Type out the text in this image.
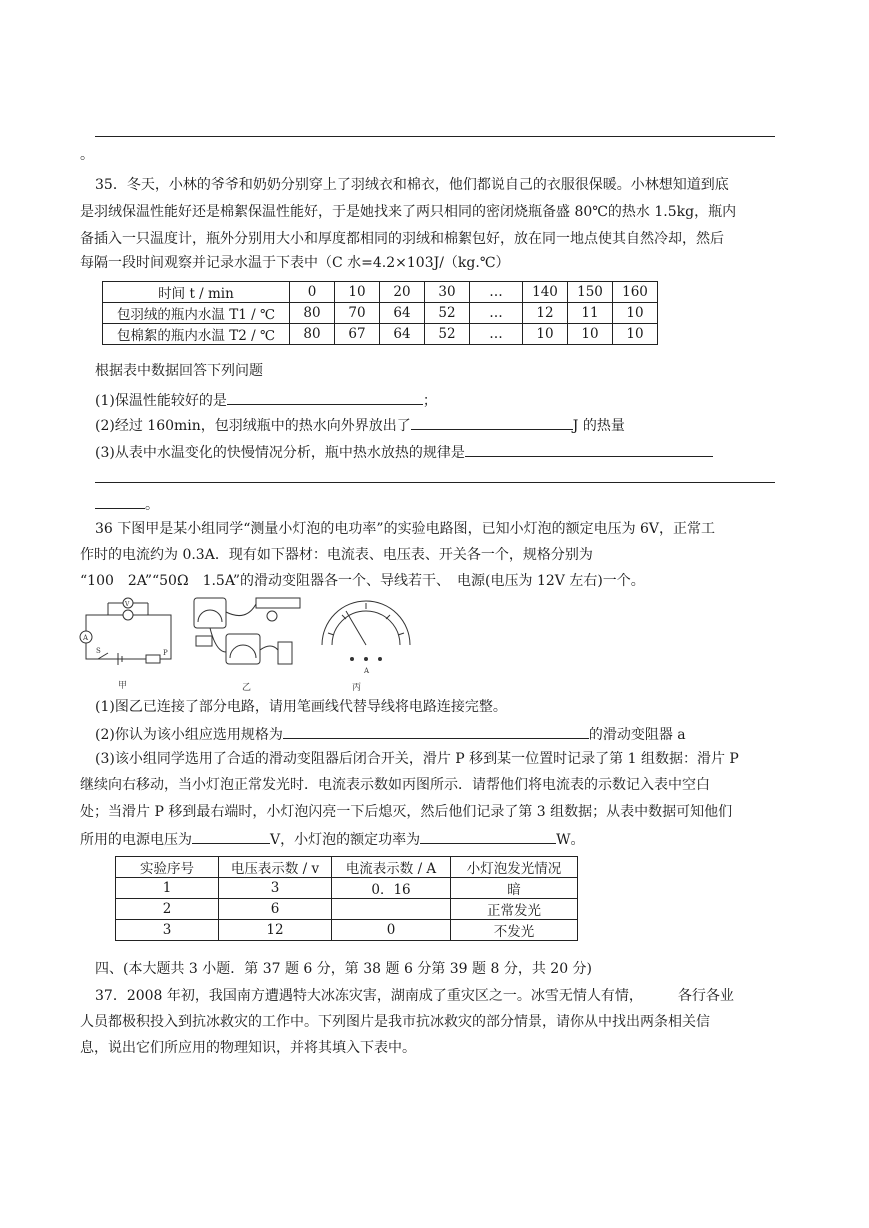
。
35．冬天，小林的爷爷和奶奶分别穿上了羽绒衣和棉衣，他们都说自己的衣服很保暖。小林想知道到底
是羽绒保温性能好还是棉絮保温性能好，于是她找来了两只相同的密闭烧瓶备盛 80℃的热水 1.5kg，瓶内
备插入一只温度计，瓶外分别用大小和厚度都相同的羽绒和棉絮包好，放在同一地点使其自然冷却，然后
每隔一段时间观察并记录水温于下表中（C 水=4.2×103J/（kg.℃）
时间 t / min	0	10	20	30	…	140	150	160
包羽绒的瓶内水温 T1 / ℃	80	70	64	52	…	12	11	10
包棉絮的瓶内水温 T2 / ℃	80	67	64	52	…	10	10	10
根据表中数据回答下列问题
(1)保温性能较好的是	；
(2)经过 160min，包羽绒瓶中的热水向外界放出了	J 的热量
(3)从表中水温变化的快慢情况分析，瓶中热水放热的规律是
。
36 下图甲是某小组同学“测量小灯泡的电功率”的实验电路图，已知小灯泡的额定电压为 6V，正常工
作时的电流约为 0.3A．现有如下器材：电流表、电压表、开关各一个，规格分别为
“100　2A”“50Ω　1.5A”的滑动变阻器各一个、导线若干、　电源(电压为 12V 左右)一个。
A
V
S	P
甲	乙
A
丙
(1)图乙已连接了部分电路，请用笔画线代替导线将电路连接完整。
(2)你认为该小组应选用规格为	的滑动变阻器 a
(3)该小组同学选用了合适的滑动变阻器后闭合开关，滑片 P 移到某一位置时记录了第 1 组数据：滑片 P
继续向右移动，当小灯泡正常发光时．电流表示数如丙图所示．请帮他们将电流表的示数记入表中空白
处；当滑片 P 移到最右端时，小灯泡闪亮一下后熄灭，然后他们记录了第 3 组数据；从表中数据可知他们
所用的电源电压为	V，小灯泡的额定功率为	W。
实验序号	电压表示数 / v	电流表示数 / A	小灯泡发光情况
1	3	0．16	暗
2	6		正常发光
3	12	0	不发光
四、(本大题共 3 小题．第 37 题 6 分，第 38 题 6 分第 39 题 8 分，共 20 分)
37．2008 年初，我国南方遭遇特大冰冻灾害，湖南成了重灾区之一。冰雪无情人有情，　　　各行各业
人员都极积投入到抗冰救灾的工作中。下列图片是我市抗冰救灾的部分情景，请你从中找出两条相关信
息，说出它们所应用的物理知识，并将其填入下表中。
